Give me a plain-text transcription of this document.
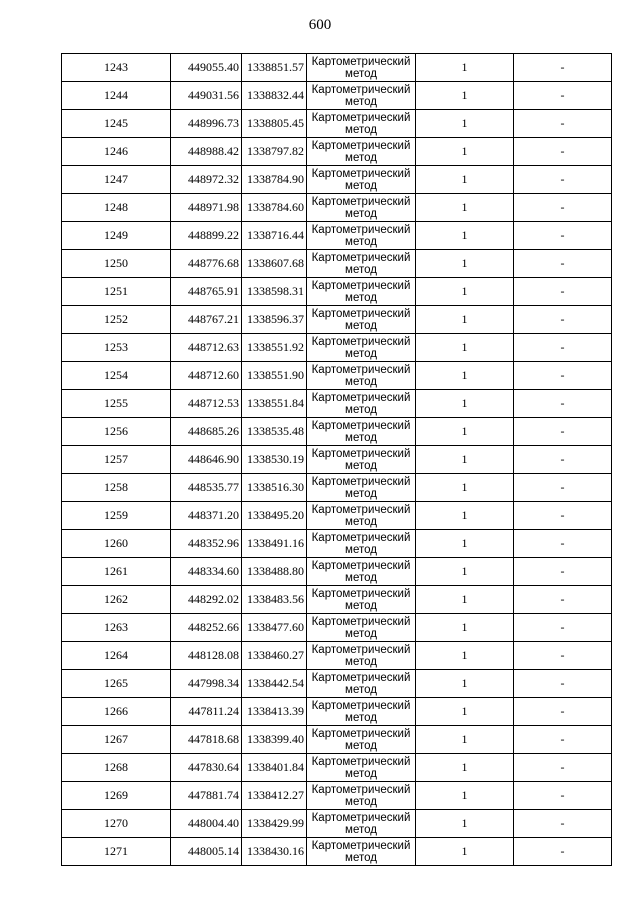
600
1243	449055.40	1338851.57	Картометрический метод	1	-
1244	449031.56	1338832.44	Картометрический метод	1	-
1245	448996.73	1338805.45	Картометрический метод	1	-
1246	448988.42	1338797.82	Картометрический метод	1	-
1247	448972.32	1338784.90	Картометрический метод	1	-
1248	448971.98	1338784.60	Картометрический метод	1	-
1249	448899.22	1338716.44	Картометрический метод	1	-
1250	448776.68	1338607.68	Картометрический метод	1	-
1251	448765.91	1338598.31	Картометрический метод	1	-
1252	448767.21	1338596.37	Картометрический метод	1	-
1253	448712.63	1338551.92	Картометрический метод	1	-
1254	448712.60	1338551.90	Картометрический метод	1	-
1255	448712.53	1338551.84	Картометрический метод	1	-
1256	448685.26	1338535.48	Картометрический метод	1	-
1257	448646.90	1338530.19	Картометрический метод	1	-
1258	448535.77	1338516.30	Картометрический метод	1	-
1259	448371.20	1338495.20	Картометрический метод	1	-
1260	448352.96	1338491.16	Картометрический метод	1	-
1261	448334.60	1338488.80	Картометрический метод	1	-
1262	448292.02	1338483.56	Картометрический метод	1	-
1263	448252.66	1338477.60	Картометрический метод	1	-
1264	448128.08	1338460.27	Картометрический метод	1	-
1265	447998.34	1338442.54	Картометрический метод	1	-
1266	447811.24	1338413.39	Картометрический метод	1	-
1267	447818.68	1338399.40	Картометрический метод	1	-
1268	447830.64	1338401.84	Картометрический метод	1	-
1269	447881.74	1338412.27	Картометрический метод	1	-
1270	448004.40	1338429.99	Картометрический метод	1	-
1271	448005.14	1338430.16	Картометрический метод	1	-
